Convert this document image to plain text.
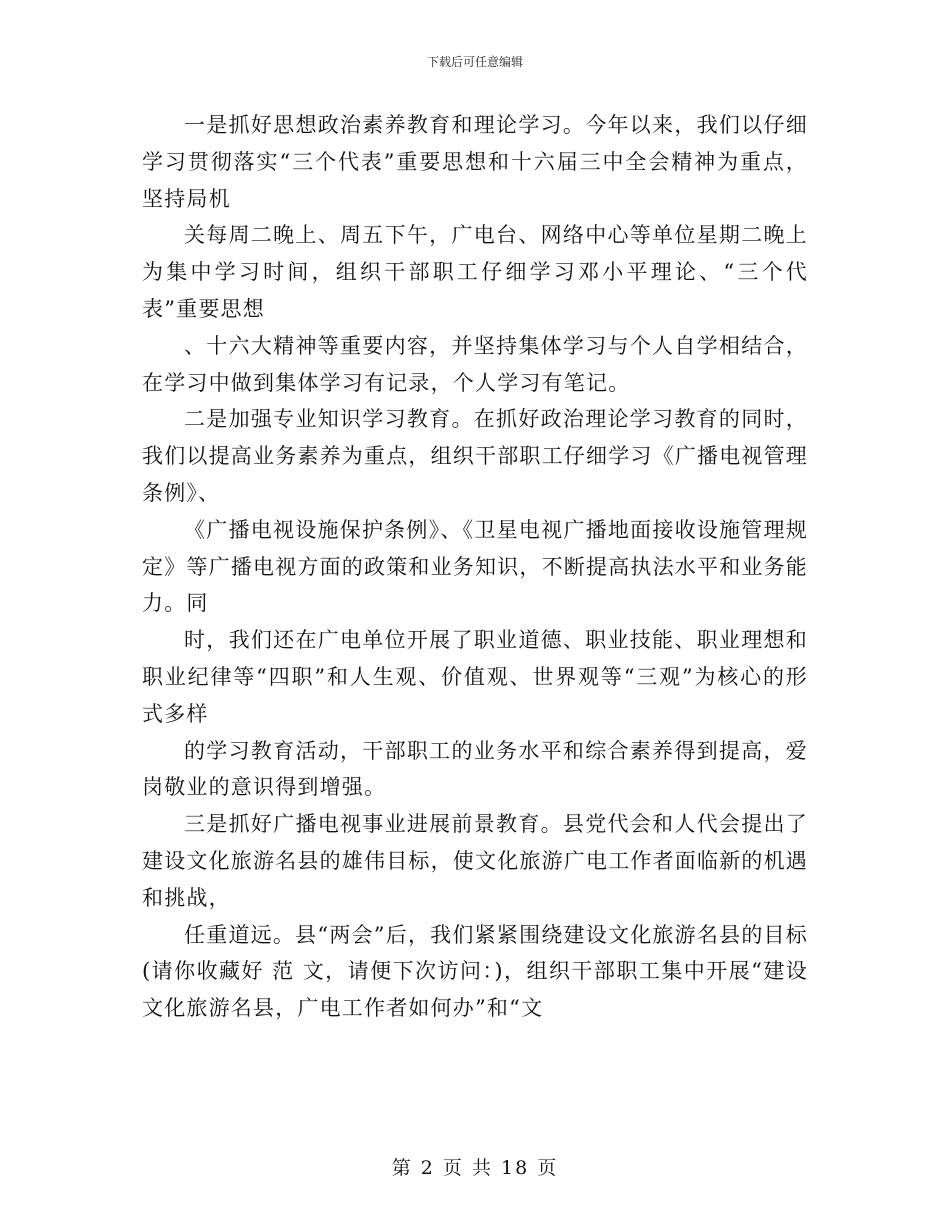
下载后可任意编辑

一是抓好思想政治素养教育和理论学习。今年以来，我们以仔细学习贯彻落实“三个代表”重要思想和十六届三中全会精神为重点，坚持局机

关每周二晚上、周五下午，广电台、网络中心等单位星期二晚上为集中学习时间，组织干部职工仔细学习邓小平理论、“三个代表”重要思想

、十六大精神等重要内容，并坚持集体学习与个人自学相结合，在学习中做到集体学习有记录，个人学习有笔记。

二是加强专业知识学习教育。在抓好政治理论学习教育的同时，我们以提高业务素养为重点，组织干部职工仔细学习《广播电视管理条例》、

《广播电视设施保护条例》、《卫星电视广播地面接收设施管理规定》等广播电视方面的政策和业务知识，不断提高执法水平和业务能力。同

时，我们还在广电单位开展了职业道德、职业技能、职业理想和职业纪律等“四职”和人生观、价值观、世界观等“三观”为核心的形式多样

的学习教育活动，干部职工的业务水平和综合素养得到提高，爱岗敬业的意识得到增强。

三是抓好广播电视事业进展前景教育。县党代会和人代会提出了建设文化旅游名县的雄伟目标，使文化旅游广电工作者面临新的机遇和挑战，

任重道远。县“两会”后，我们紧紧围绕建设文化旅游名县的目标(请你收藏好 范 文，请便下次访问：)，组织干部职工集中开展“建设文化旅游名县，广电工作者如何办”和“文

第 2 页 共 18 页
